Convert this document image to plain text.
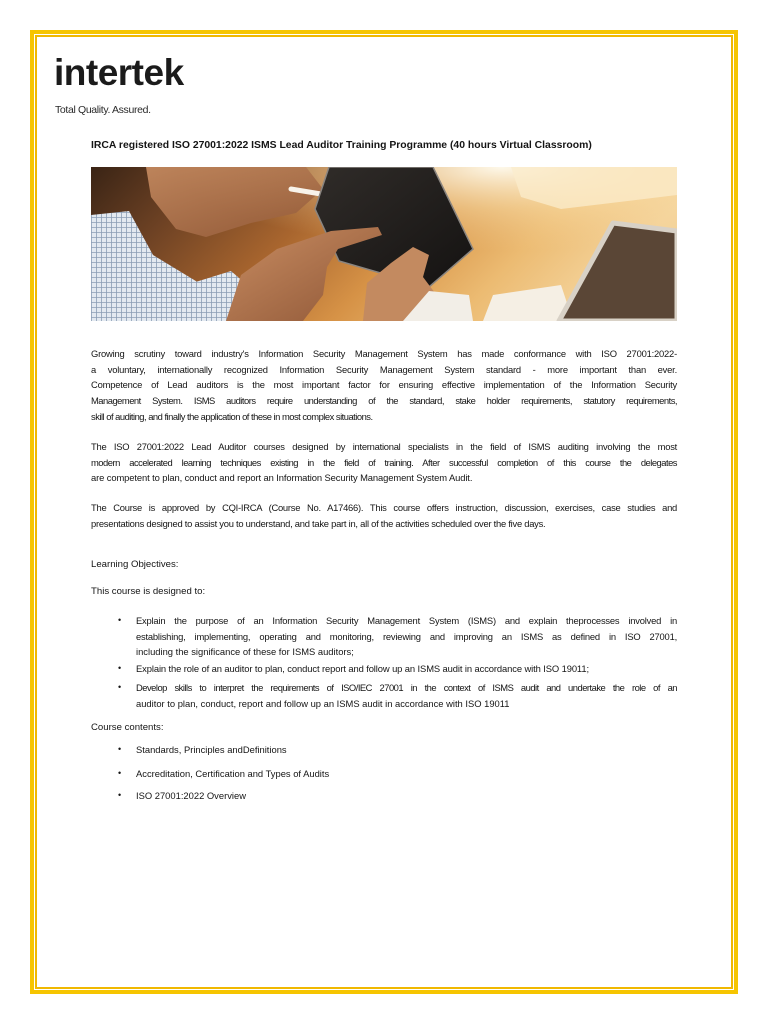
intertek
Total Quality. Assured.
IRCA registered ISO 27001:2022 ISMS Lead Auditor Training Programme (40 hours Virtual Classroom)
Growing scrutiny toward industry's Information Security Management System has made conformance with ISO 27001:2022-
a voluntary, internationally recognized Information Security Management System standard - more important than ever.
Competence of Lead auditors is the most important factor for ensuring effective implementation of the Information Security
Management System. ISMS auditors require understanding of the standard, stake holder requirements, statutory requirements,
skill of auditing, and finally the application of these in most complex situations.
The ISO 27001:2022 Lead Auditor courses designed by international specialists in the field of ISMS auditing involving the most
modern accelerated learning techniques existing in the field of training. After successful completion of this course the delegates
are competent to plan, conduct and report an Information Security Management System Audit.
The Course is approved by CQI-IRCA (Course No. A17466). This course offers instruction, discussion, exercises, case studies and
presentations designed to assist you to understand, and take part in, all of the activities scheduled over the five days.
Learning Objectives:
This course is designed to:
• Explain the purpose of an Information Security Management System (ISMS) and explain theprocesses involved in
establishing, implementing, operating and monitoring, reviewing and improving an ISMS as defined in ISO 27001,
including the significance of these for ISMS auditors;
• Explain the role of an auditor to plan, conduct report and follow up an ISMS audit in accordance with ISO 19011;
• Develop skills to interpret the requirements of ISO/IEC 27001 in the context of ISMS audit and undertake the role of an
auditor to plan, conduct, report and follow up an ISMS audit in accordance with ISO 19011
Course contents:
• Standards, Principles andDefinitions
• Accreditation, Certification and Types of Audits
• ISO 27001:2022 Overview
